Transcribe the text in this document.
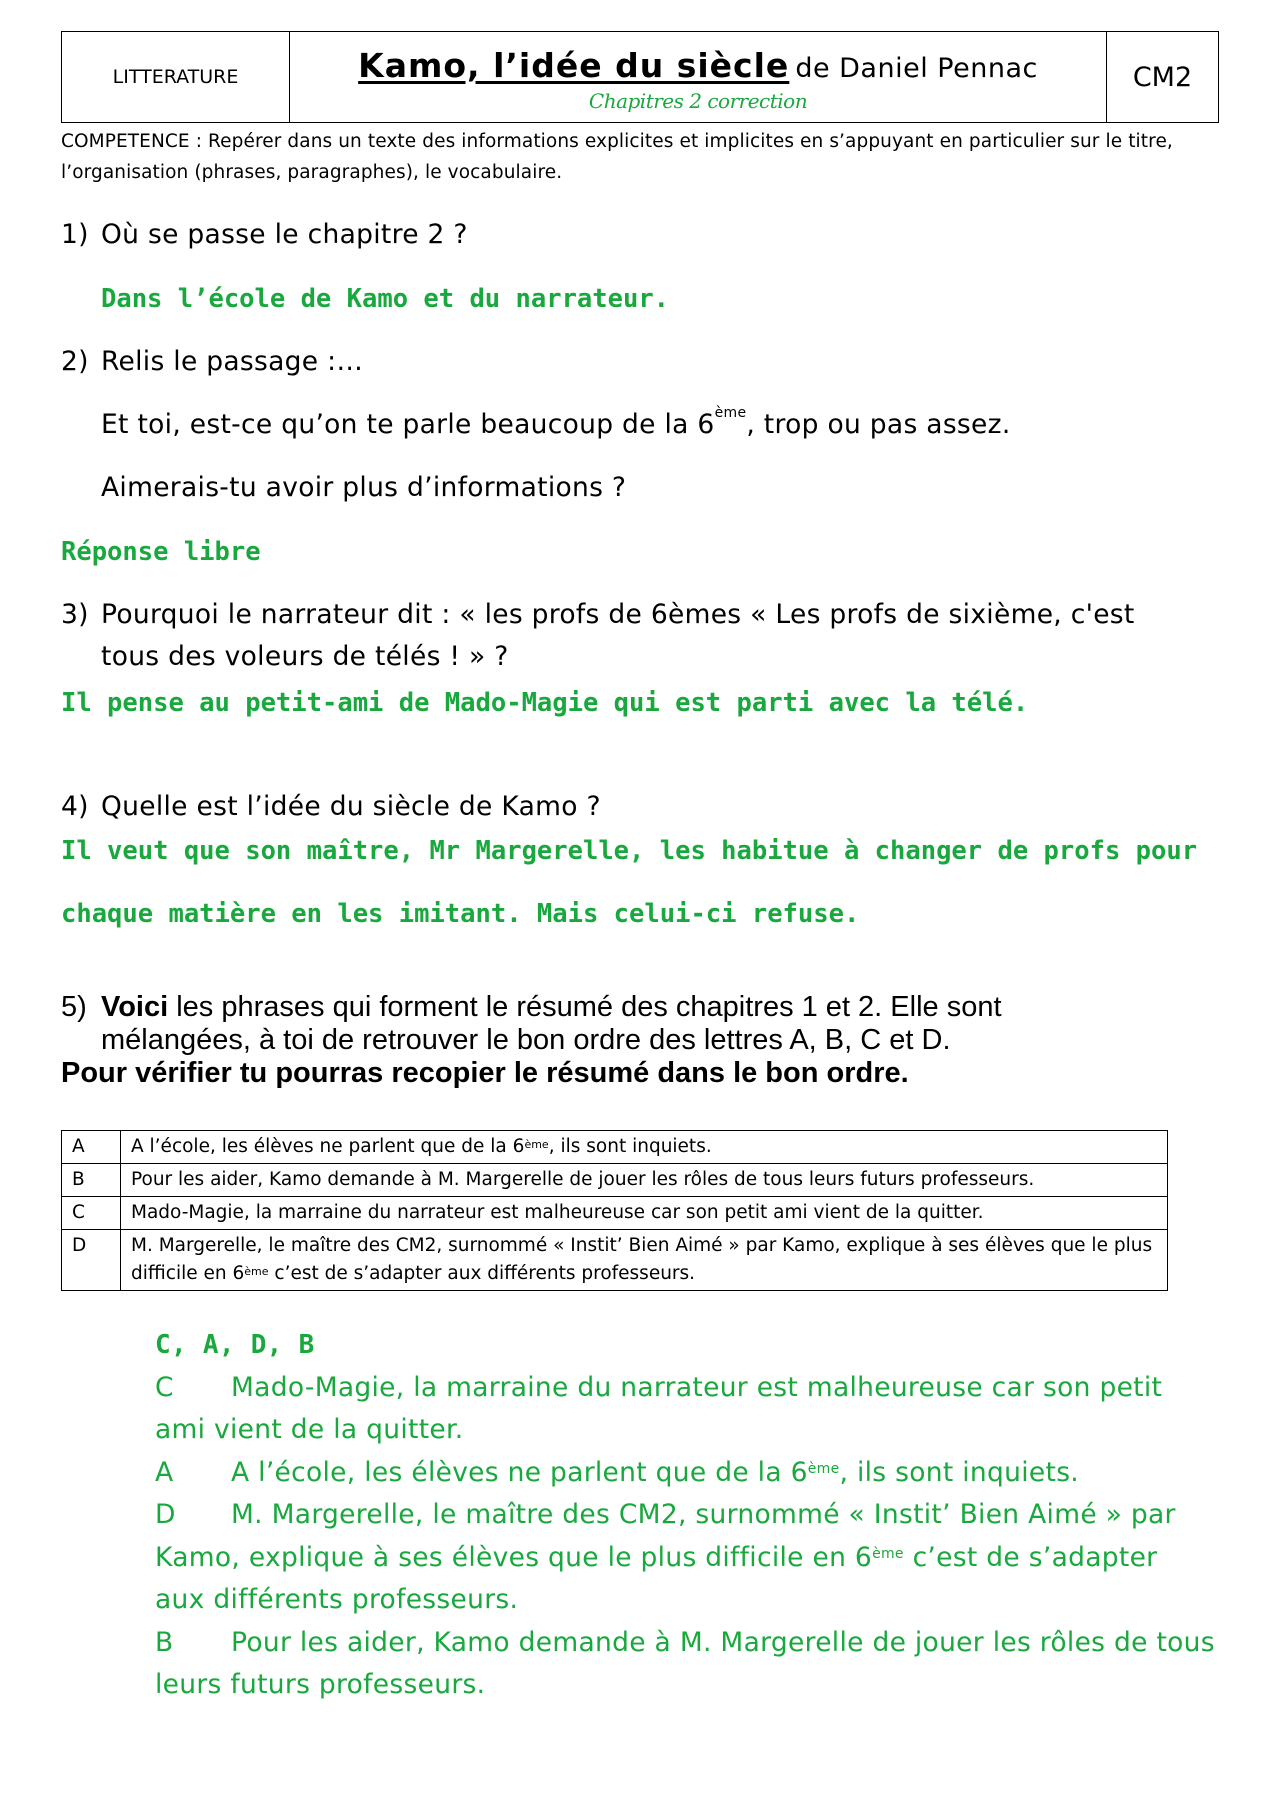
LITTERATURE	Kamo, l’idée du siècle de Daniel Pennac
Chapitres 2 correction
CM2
COMPETENCE : Repérer dans un texte des informations explicites et implicites en s’appuyant en particulier sur le titre, l’organisation (phrases, paragraphes), le vocabulaire.
1) Où se passe le chapitre 2 ?
Dans l’école de Kamo et du narrateur.
2) Relis le passage :…
Et toi, est-ce qu’on te parle beaucoup de la 6ème, trop ou pas assez.
Aimerais-tu avoir plus d’informations ?
Réponse libre
3) Pourquoi le narrateur dit : « les profs de 6èmes « Les profs de sixième, c'est
tous des voleurs de télés ! » ?
Il pense au petit-ami de Mado-Magie qui est parti avec la télé.
4) Quelle est l’idée du siècle de Kamo ?
Il veut que son maître, Mr Margerelle, les habitue à changer de profs pour
chaque matière en les imitant. Mais celui-ci refuse.
5) Voici les phrases qui forment le résumé des chapitres 1 et 2. Elle sont
mélangées, à toi de retrouver le bon ordre des lettres A, B, C et D.
Pour vérifier tu pourras recopier le résumé dans le bon ordre.
A	A l’école, les élèves ne parlent que de la 6ème, ils sont inquiets.
B	Pour les aider, Kamo demande à M. Margerelle de jouer les rôles de tous leurs futurs professeurs.
C	Mado-Magie, la marraine du narrateur est malheureuse car son petit ami vient de la quitter.
D	M. Margerelle, le maître des CM2, surnommé « Instit’ Bien Aimé » par Kamo, explique à ses élèves que le plus difficile en 6ème c’est de s’adapter aux différents professeurs.
C, A, D, B
C Mado-Magie, la marraine du narrateur est malheureuse car son petit ami vient de la quitter.
A A l’école, les élèves ne parlent que de la 6ème, ils sont inquiets.
D M. Margerelle, le maître des CM2, surnommé « Instit’ Bien Aimé » par Kamo, explique à ses élèves que le plus difficile en 6ème c’est de s’adapter aux différents professeurs.
B Pour les aider, Kamo demande à M. Margerelle de jouer les rôles de tous leurs futurs professeurs.
